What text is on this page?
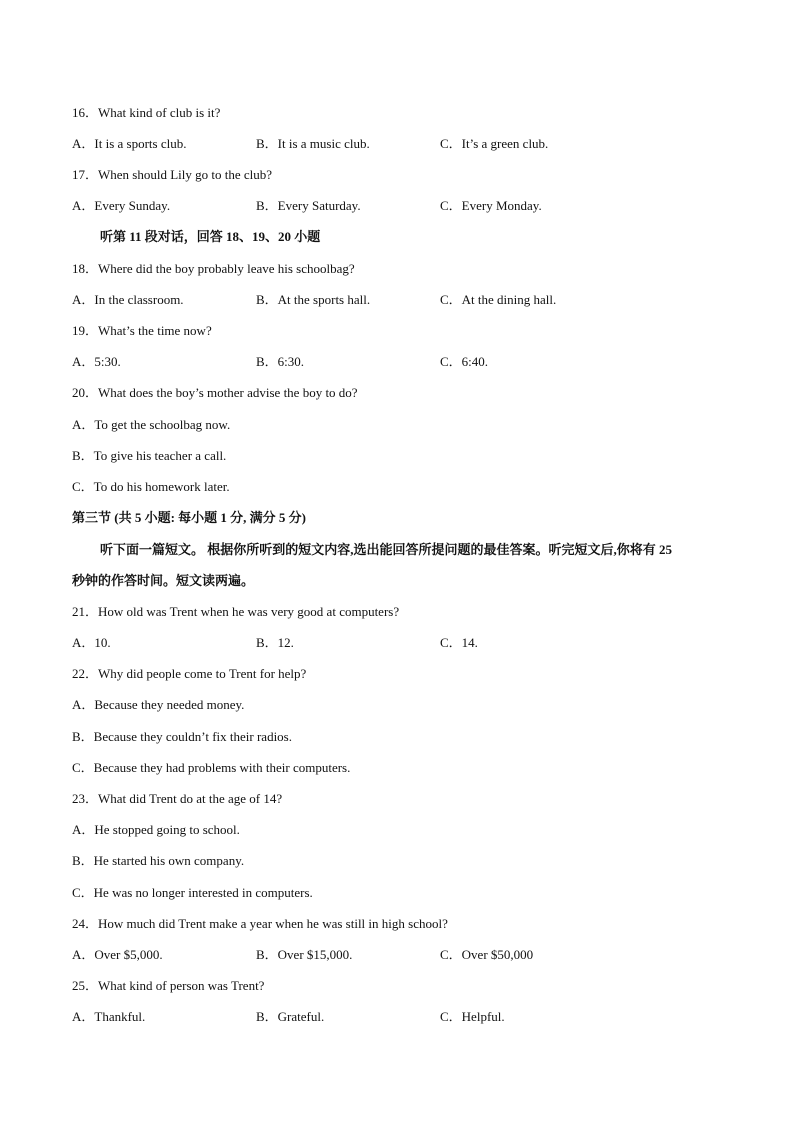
16．What kind of club is it?
A．It is a sports club.	B．It is a music club.	C．It’s a green club.
17．When should Lily go to the club?
A．Every Sunday.	B．Every Saturday.	C．Every Monday.
听第 11 段对话，回答 18、19、20 小题
18．Where did the boy probably leave his schoolbag?
A．In the classroom.	B．At the sports hall.	C．At the dining hall.
19．What’s the time now?
A．5:30.	B．6:30.	C．6:40.
20．What does the boy’s mother advise the boy to do?
A．To get the schoolbag now.
B．To give his teacher a call.
C．To do his homework later.
第三节 (共 5 小题: 每小题 1 分, 满分 5 分)
听下面一篇短文。 根据你所听到的短文内容,选出能回答所提问题的最佳答案。听完短文后,你将有 25
秒钟的作答时间。短文读两遍。
21．How old was Trent when he was very good at computers?
A．10.	B．12.	C．14.
22．Why did people come to Trent for help?
A．Because they needed money.
B．Because they couldn’t fix their radios.
C．Because they had problems with their computers.
23．What did Trent do at the age of 14?
A．He stopped going to school.
B．He started his own company.
C．He was no longer interested in computers.
24．How much did Trent make a year when he was still in high school?
A．Over $5,000.	B．Over $15,000.	C．Over $50,000
25．What kind of person was Trent?
A．Thankful.	B．Grateful.	C．Helpful.
